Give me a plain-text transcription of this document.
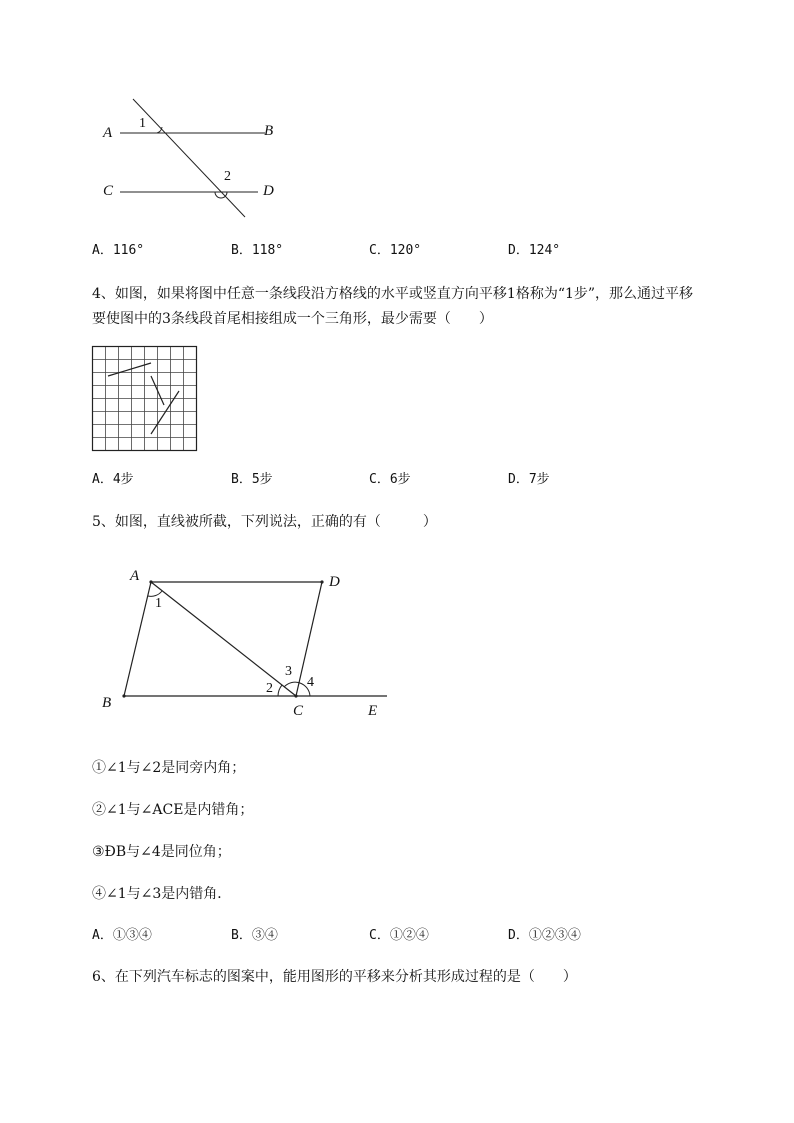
A	B
C	D
1
2
A．116°	B．118°	C．120°	D．124°
4、如图，如果将图中任意一条线段沿方格线的水平或竖直方向平移1格称为“1步”，那么通过平移
要使图中的3条线段首尾相接组成一个三角形，最少需要（　　）
A．4步	B．5步	C．6步	D．7步
5、如图，直线被所截，下列说法，正确的有（　　　）
A	D
B	C	E
1
2
3
4
①∠1与∠2是同旁内角；
②∠1与∠ACE是内错角；
③ÐB与∠4是同位角；
④∠1与∠3是内错角．
A．①③④	B．③④	C．①②④	D．①②③④
6、在下列汽车标志的图案中，能用图形的平移来分析其形成过程的是（　　）
